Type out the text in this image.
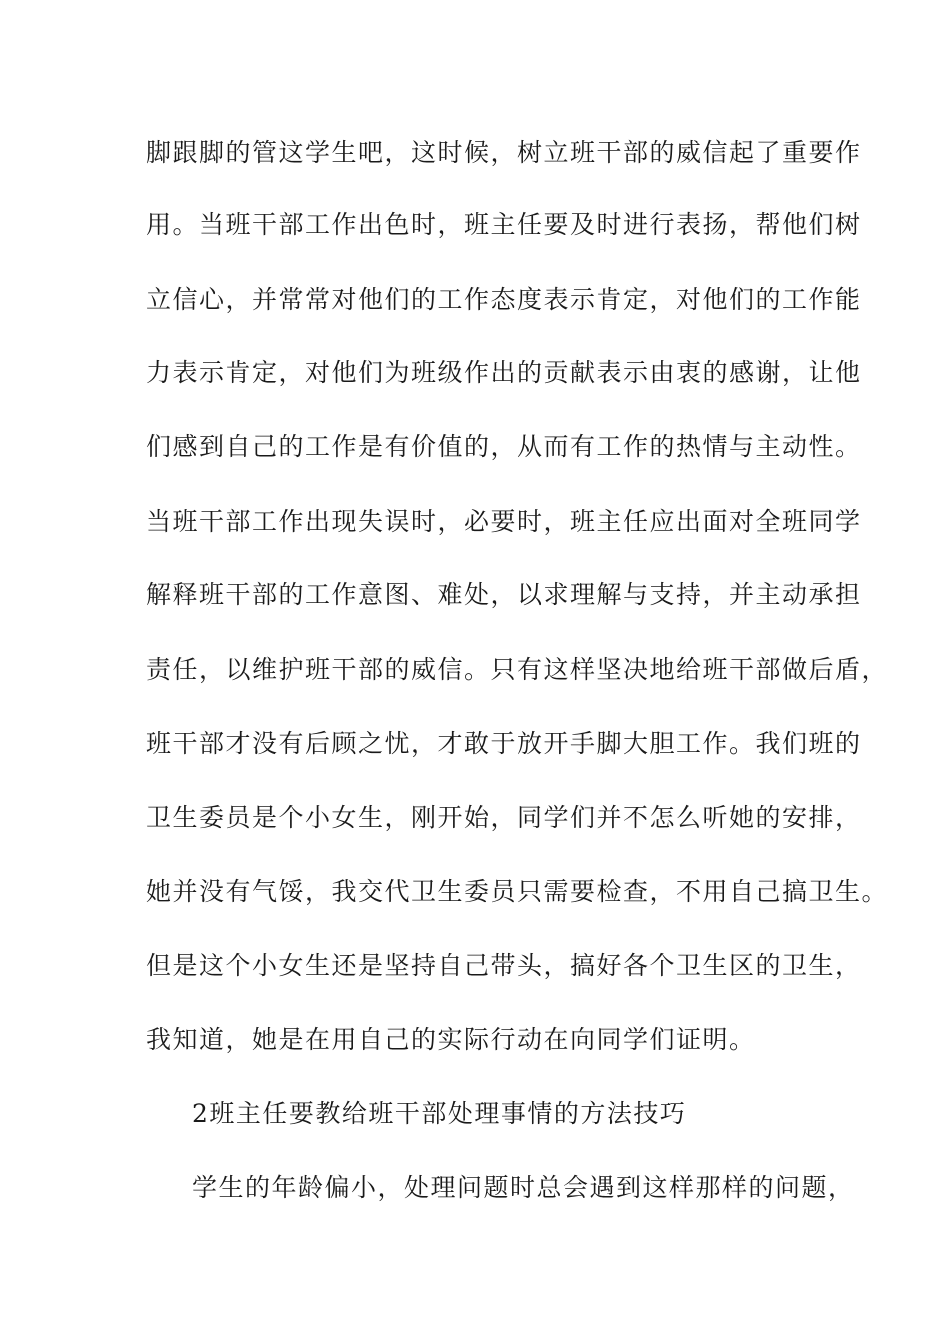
脚跟脚的管这学生吧，这时候，树立班干部的威信起了重要作
用。当班干部工作出色时，班主任要及时进行表扬，帮他们树
立信心，并常常对他们的工作态度表示肯定，对他们的工作能
力表示肯定，对他们为班级作出的贡献表示由衷的感谢，让他
们感到自己的工作是有价值的，从而有工作的热情与主动性。
当班干部工作出现失误时，必要时，班主任应出面对全班同学
解释班干部的工作意图、难处，以求理解与支持，并主动承担
责任，以维护班干部的威信。只有这样坚决地给班干部做后盾，
班干部才没有后顾之忧，才敢于放开手脚大胆工作。我们班的
卫生委员是个小女生，刚开始，同学们并不怎么听她的安排，
她并没有气馁，我交代卫生委员只需要检查，不用自己搞卫生。
但是这个小女生还是坚持自己带头，搞好各个卫生区的卫生，
我知道，她是在用自己的实际行动在向同学们证明。
2班主任要教给班干部处理事情的方法技巧
学生的年龄偏小，处理问题时总会遇到这样那样的问题，
